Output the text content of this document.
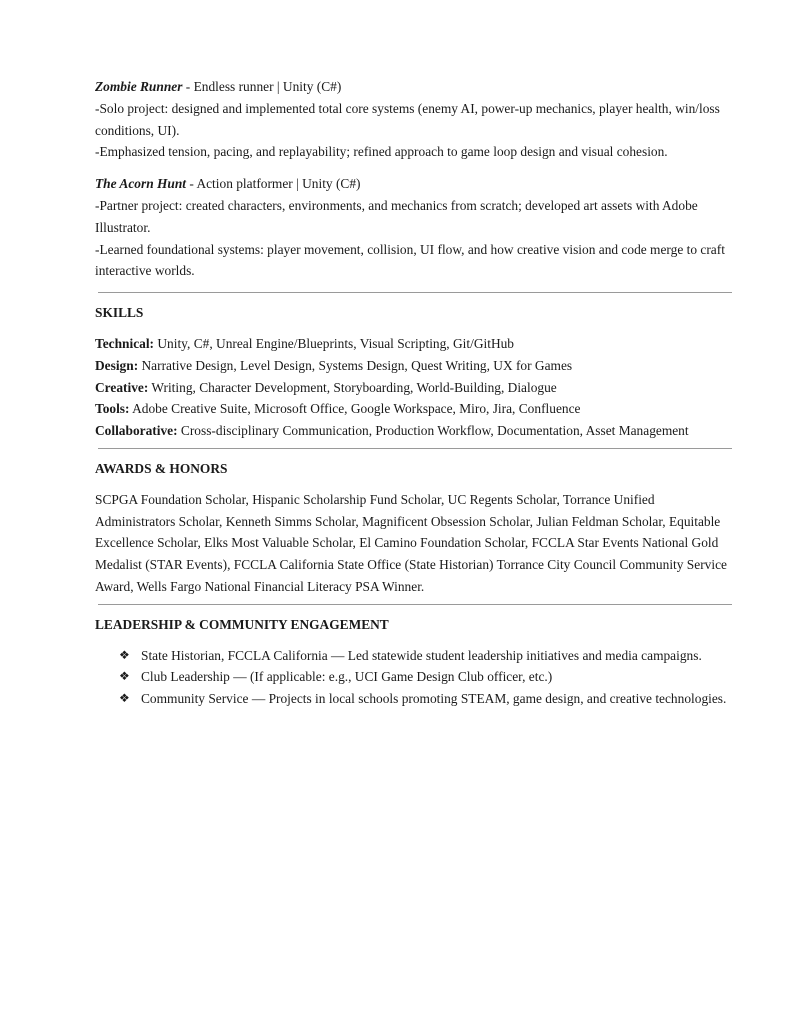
Zombie Runner - Endless runner | Unity (C#)
-Solo project: designed and implemented total core systems (enemy AI, power-up mechanics, player health, win/loss conditions, UI).
-Emphasized tension, pacing, and replayability; refined approach to game loop design and visual cohesion.
The Acorn Hunt - Action platformer | Unity (C#)
-Partner project: created characters, environments, and mechanics from scratch; developed art assets with Adobe Illustrator.
-Learned foundational systems: player movement, collision, UI flow, and how creative vision and code merge to craft interactive worlds.
SKILLS
Technical: Unity, C#, Unreal Engine/Blueprints, Visual Scripting, Git/GitHub
Design: Narrative Design, Level Design, Systems Design, Quest Writing, UX for Games
Creative: Writing, Character Development, Storyboarding, World-Building, Dialogue
Tools: Adobe Creative Suite, Microsoft Office, Google Workspace, Miro, Jira, Confluence
Collaborative: Cross-disciplinary Communication, Production Workflow, Documentation, Asset Management
AWARDS & HONORS
SCPGA Foundation Scholar, Hispanic Scholarship Fund Scholar, UC Regents Scholar, Torrance Unified Administrators Scholar, Kenneth Simms Scholar, Magnificent Obsession Scholar, Julian Feldman Scholar, Equitable Excellence Scholar, Elks Most Valuable Scholar, El Camino Foundation Scholar, FCCLA Star Events National Gold Medalist (STAR Events), FCCLA California State Office (State Historian) Torrance City Council Community Service Award, Wells Fargo National Financial Literacy PSA Winner.
LEADERSHIP & COMMUNITY ENGAGEMENT
❖ State Historian, FCCLA California — Led statewide student leadership initiatives and media campaigns.
❖ Club Leadership — (If applicable: e.g., UCI Game Design Club officer, etc.)
❖ Community Service — Projects in local schools promoting STEAM, game design, and creative technologies.
